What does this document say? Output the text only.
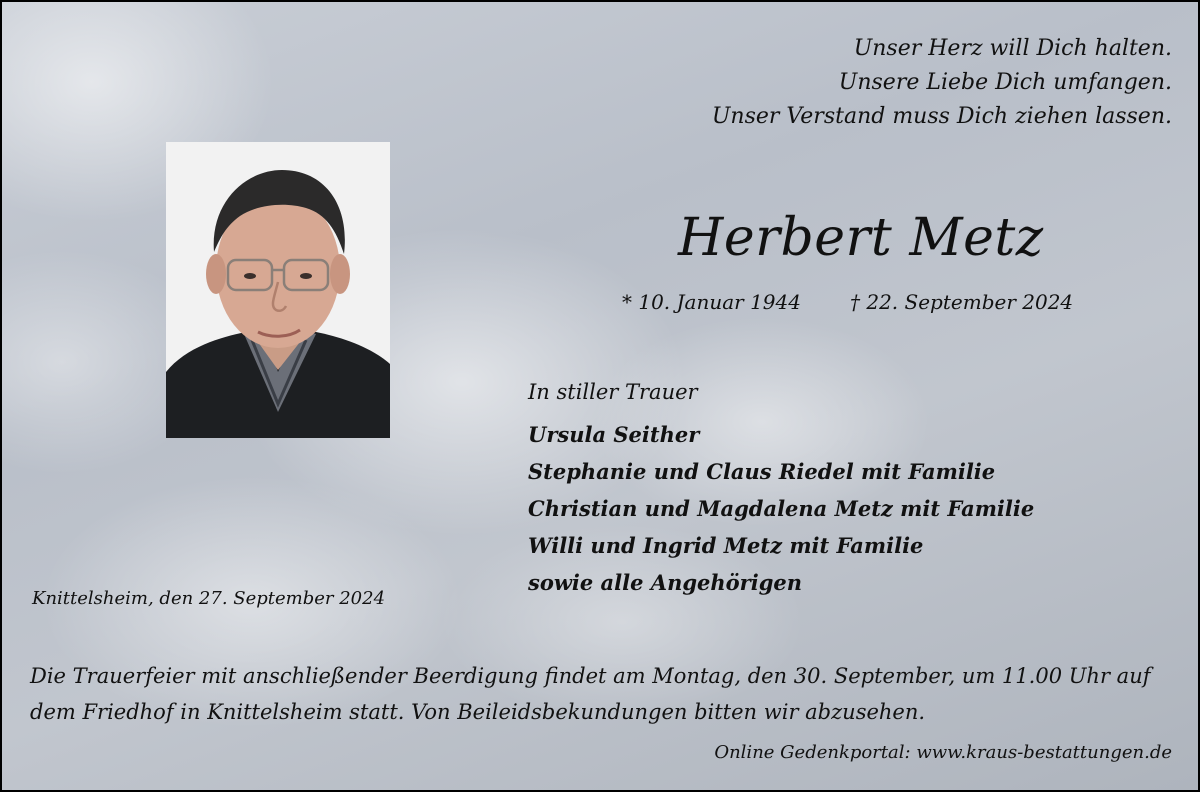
Unser Herz will Dich halten.
Unsere Liebe Dich umfangen.
Unser Verstand muss Dich ziehen lassen.
Herbert Metz
* 10. Januar 1944 † 22. September 2024
In stiller Trauer
Ursula Seither
Stephanie und Claus Riedel mit Familie
Christian und Magdalena Metz mit Familie
Willi und Ingrid Metz mit Familie
sowie alle Angehörigen
Knittelsheim, den 27. September 2024
Die Trauerfeier mit anschließender Beerdigung findet am Montag, den 30. September, um 11.00 Uhr auf dem Friedhof in Knittelsheim statt. Von Beileidsbekundungen bitten wir abzusehen.
Online Gedenkportal: www.kraus-bestattungen.de
